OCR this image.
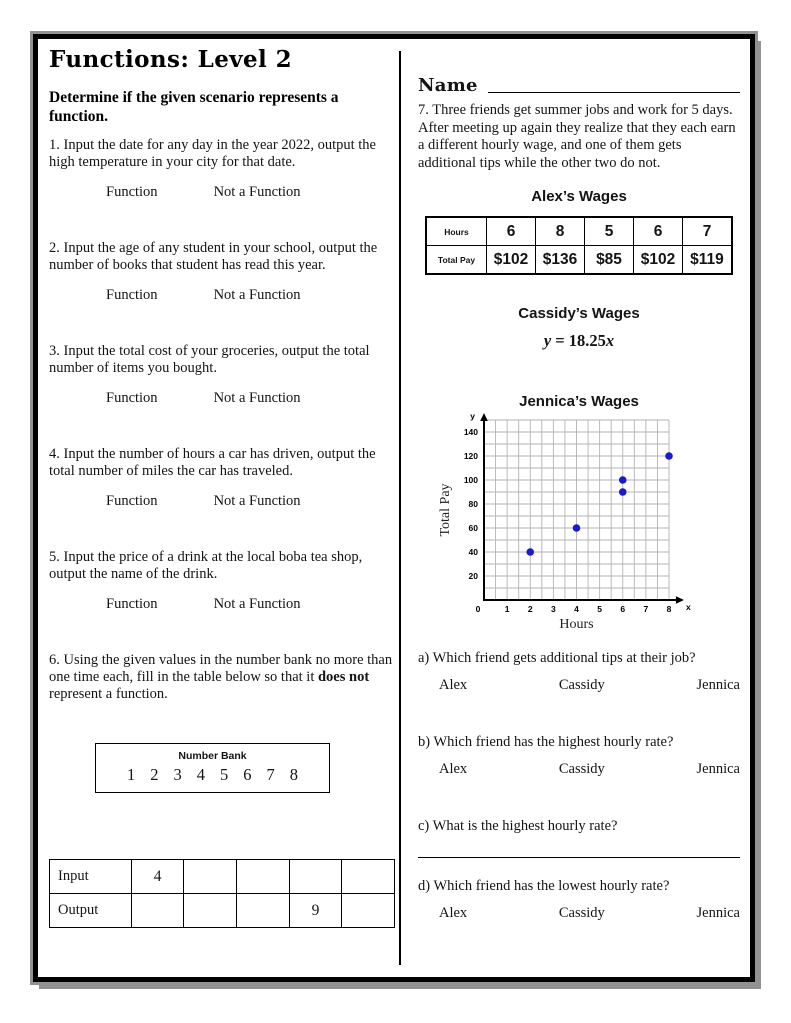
Functions: Level 2
Determine if the given scenario represents a function.
1. Input the date for any day in the year 2022, output the high temperature in your city for that date.
Function	Not a Function
2. Input the age of any student in your school, output the number of books that student has read this year.
Function	Not a Function
3. Input the total cost of your groceries, output the total number of items you bought.
Function	Not a Function
4. Input the number of hours a car has driven, output the total number of miles the car has traveled.
Function	Not a Function
5. Input the price of a drink at the local boba tea shop, output the name of the drink.
Function	Not a Function
6. Using the given values in the number bank no more than one time each, fill in the table below so that it does not represent a function.
Number Bank
1 2 3 4 5 6 7 8
Input	4				
Output				9	
Name
7. Three friends get summer jobs and work for 5 days. After meeting up again they realize that they each earn a different hourly wage, and one of them gets additional tips while the other two do not.
Alex’s Wages
Hours	6	8	5	6	7
Total Pay	$102	$136	$85	$102	$119
Cassidy’s Wages
y = 18.25x
Jennica’s Wages
20
40
60
80
100
120
140
0	1 2 3 4 5 6 7 8
y
x
Hours
Total Pay
a) Which friend gets additional tips at their job?
Alex	Cassidy	Jennica
b) Which friend has the highest hourly rate?
Alex	Cassidy	Jennica
c) What is the highest hourly rate?
d) Which friend has the lowest hourly rate?
Alex	Cassidy	Jennica
